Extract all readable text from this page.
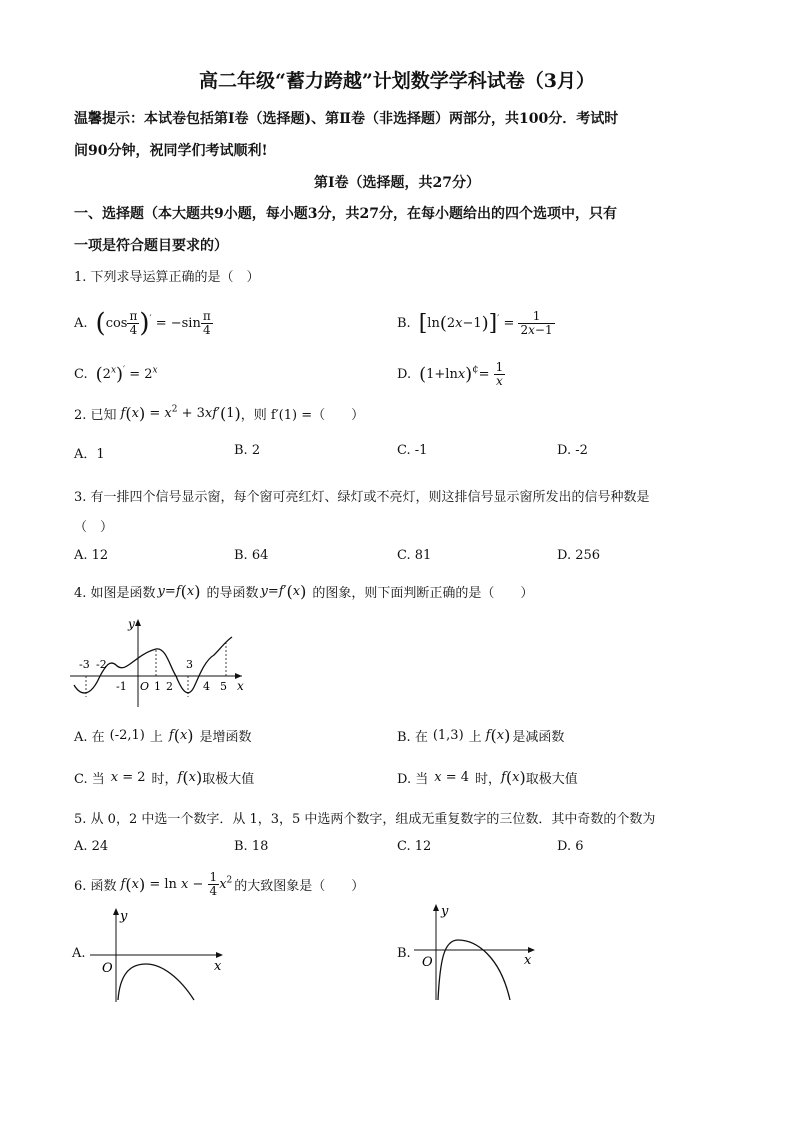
高二年级“蓄力跨越”计划数学学科试卷（3月）
温馨提示：本试卷包括第Ⅰ卷（选择题)、第Ⅱ卷（非选择题）两部分，共100分．考试时
间90分钟，祝同学们考试顺利!
第Ⅰ卷（选择题，共27分）
一、选择题（本大题共9小题，每小题3分，共27分，在每小题给出的四个选项中，只有
一项是符合题目要求的）
1. 下列求导运算正确的是（　）
A. $(\cos \frac{\pi}{4} )' = -\sin \frac{\pi}{4}$	B. $[\ln(2x-1)]' = \frac{1}{2x-1}$
C. $(2^x)' = 2^x$	D. $(1+\ln x)^¢= \frac{1}{x}$
2. 已知 $f(x) = x^2 + 3xf'(1)$ ，则 f′(1) =（　　）
A．1	B. 2	C. -1	D. -2
3. 有一排四个信号显示窗，每个窗可亮红灯、绿灯或不亮灯，则这排信号显示窗所发出的信号种数是
（　）
A. 12	B. 64	C. 81	D. 256
4. 如图是函数 y=f(x) 的导函数 y=f′(x) 的图象，则下面判断正确的是（　　）
y
x
O
-3 -2
-1 1 2
3
4 5
A. 在 (-2,1) 上 f(x) 是增函数	B. 在 (1,3) 上 f(x) 是减函数
C. 当 x = 2 时， f(x) 取极大值	D. 当 x = 4 时， f(x) 取极大值
5. 从 0，2 中选一个数字．从 1，3，5 中选两个数字，组成无重复数字的三位数．其中奇数的个数为
A. 24	B. 18	C. 12	D. 6
6. 函数 $f(x) = \ln x - \frac{1}{4} x^2$ 的大致图象是（　　）
A.
y
x
O
B.
y
x
O
